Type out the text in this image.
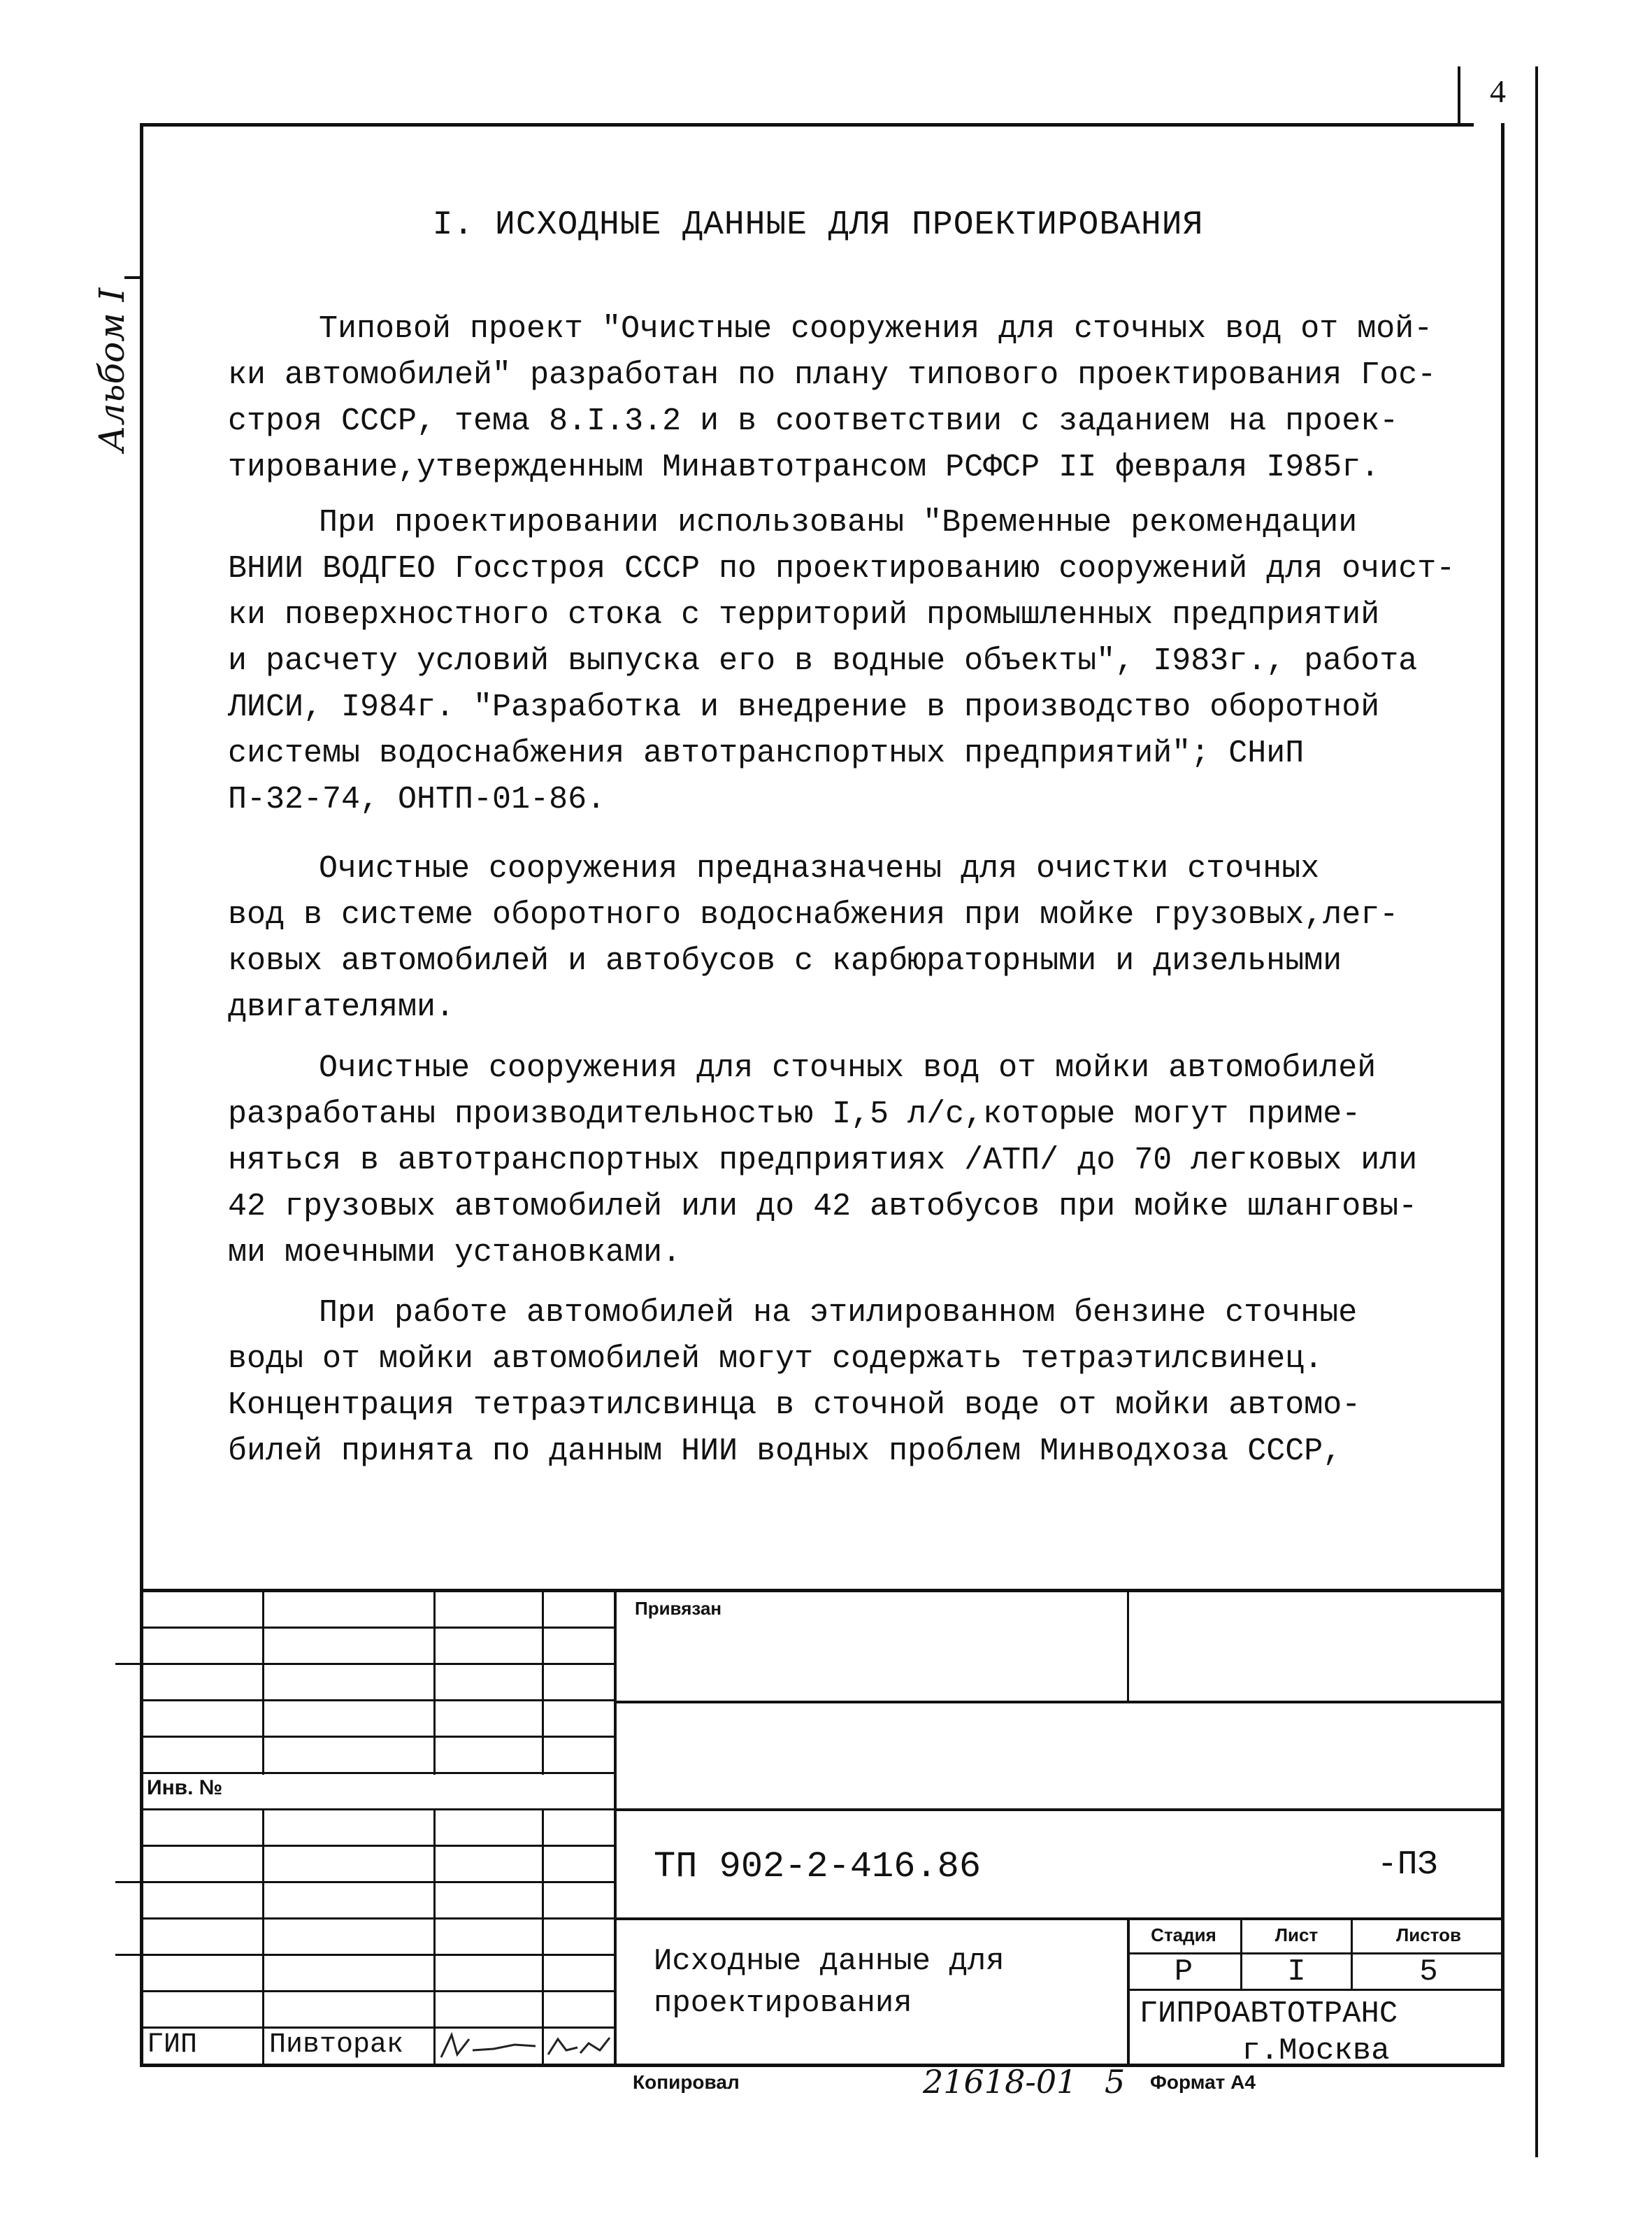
4
Альбом I
I. ИСХОДНЫЕ ДАННЫЕ ДЛЯ ПРОЕКТИРОВАНИЯ
Типовой проект "Очистные сооружения для сточных вод от мой-
ки автомобилей" разработан по плану типового проектирования Гос-
строя СССР, тема 8.I.3.2 и в соответствии с заданием на проек-
тирование,утвержденным Минавтотрансом РСФСР II февраля I985г.
При проектировании использованы "Временные рекомендации
ВНИИ ВОДГЕО Госстроя СССР по проектированию сооружений для очист-
ки поверхностного стока с территорий промышленных предприятий
и расчету условий выпуска его в водные объекты", I983г., работа
ЛИСИ, I984г. "Разработка и внедрение в производство оборотной
системы водоснабжения автотранспортных предприятий"; СНиП
П-32-74, ОНТП-01-86.
Очистные сооружения предназначены для очистки сточных
вод в системе оборотного водоснабжения при мойке грузовых,лег-
ковых автомобилей и автобусов с карбюраторными и дизельными
двигателями.
Очистные сооружения для сточных вод от мойки автомобилей
разработаны производительностью I,5 л/с,которые могут приме-
няться в автотранспортных предприятиях /АТП/ до 70 легковых или
42 грузовых автомобилей или до 42 автобусов при мойке шланговы-
ми моечными установками.
При работе автомобилей на этилированном бензине сточные
воды от мойки автомобилей могут содержать тетраэтилсвинец.
Концентрация тетраэтилсвинца в сточной воде от мойки автомо-
билей принята по данным НИИ водных проблем Минводхоза СССР,
Инв. №
Привязан
ТП 902-2-416.86	-ПЗ
Исходные данные для
проектирования
Стадия	Лист	Листов
Р	I	5
ГИПРОАВТОТРАНС
г.Москва
ГИП	Пивторак
Копировал	21618-01 5 Формат А4
